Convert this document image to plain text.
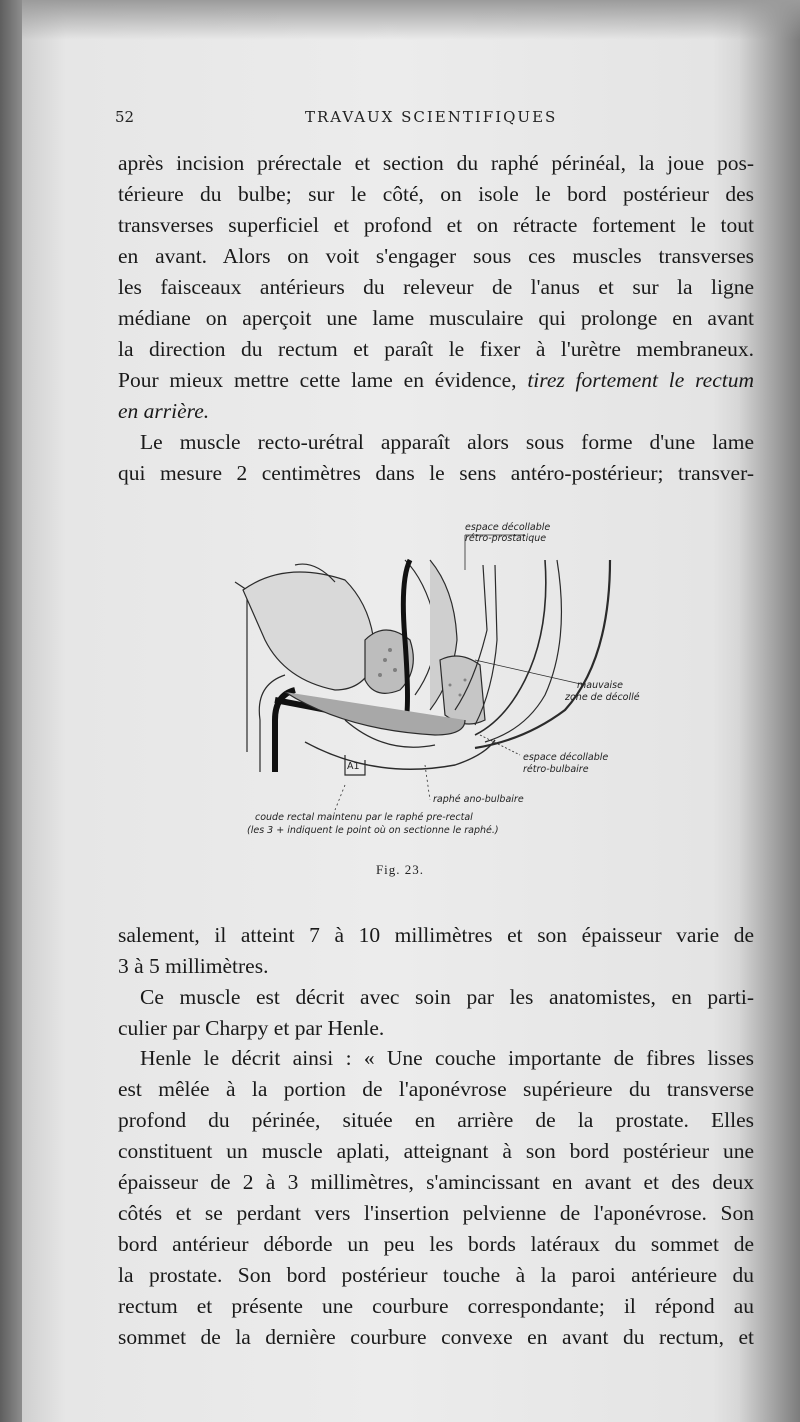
52	TRAVAUX SCIENTIFIQUES
après incision prérectale et section du raphé périnéal, la joue pos-
térieure du bulbe; sur le côté, on isole le bord postérieur des
transverses superficiel et profond et on rétracte fortement le tout
en avant. Alors on voit s'engager sous ces muscles transverses
les faisceaux antérieurs du releveur de l'anus et sur la ligne
médiane on aperçoit une lame musculaire qui prolonge en avant
la direction du rectum et paraît le fixer à l'urètre membraneux.
Pour mieux mettre cette lame en évidence, tirez fortement le rectum
en arrière.
Le muscle recto-urétral apparaît alors sous forme d'une lame
qui mesure 2 centimètres dans le sens antéro-postérieur; transver-
espace décollable
rétro-prostatique
mauvaise
zone de décollé
espace décollable
rétro-bulbaire
raphé ano-bulbaire
coude rectal maintenu par le raphé pre-rectal
(les 3 + indiquent le point où on sectionne le raphé.)
A1
Fig. 23.
salement, il atteint 7 à 10 millimètres et son épaisseur varie de
3 à 5 millimètres.
Ce muscle est décrit avec soin par les anatomistes, en parti-
culier par Charpy et par Henle.
Henle le décrit ainsi : « Une couche importante de fibres lisses
est mêlée à la portion de l'aponévrose supérieure du transverse
profond du périnée, située en arrière de la prostate. Elles
constituent un muscle aplati, atteignant à son bord postérieur une
épaisseur de 2 à 3 millimètres, s'amincissant en avant et des deux
côtés et se perdant vers l'insertion pelvienne de l'aponévrose. Son
bord antérieur déborde un peu les bords latéraux du sommet de
la prostate. Son bord postérieur touche à la paroi antérieure du
rectum et présente une courbure correspondante; il répond au
sommet de la dernière courbure convexe en avant du rectum, et
